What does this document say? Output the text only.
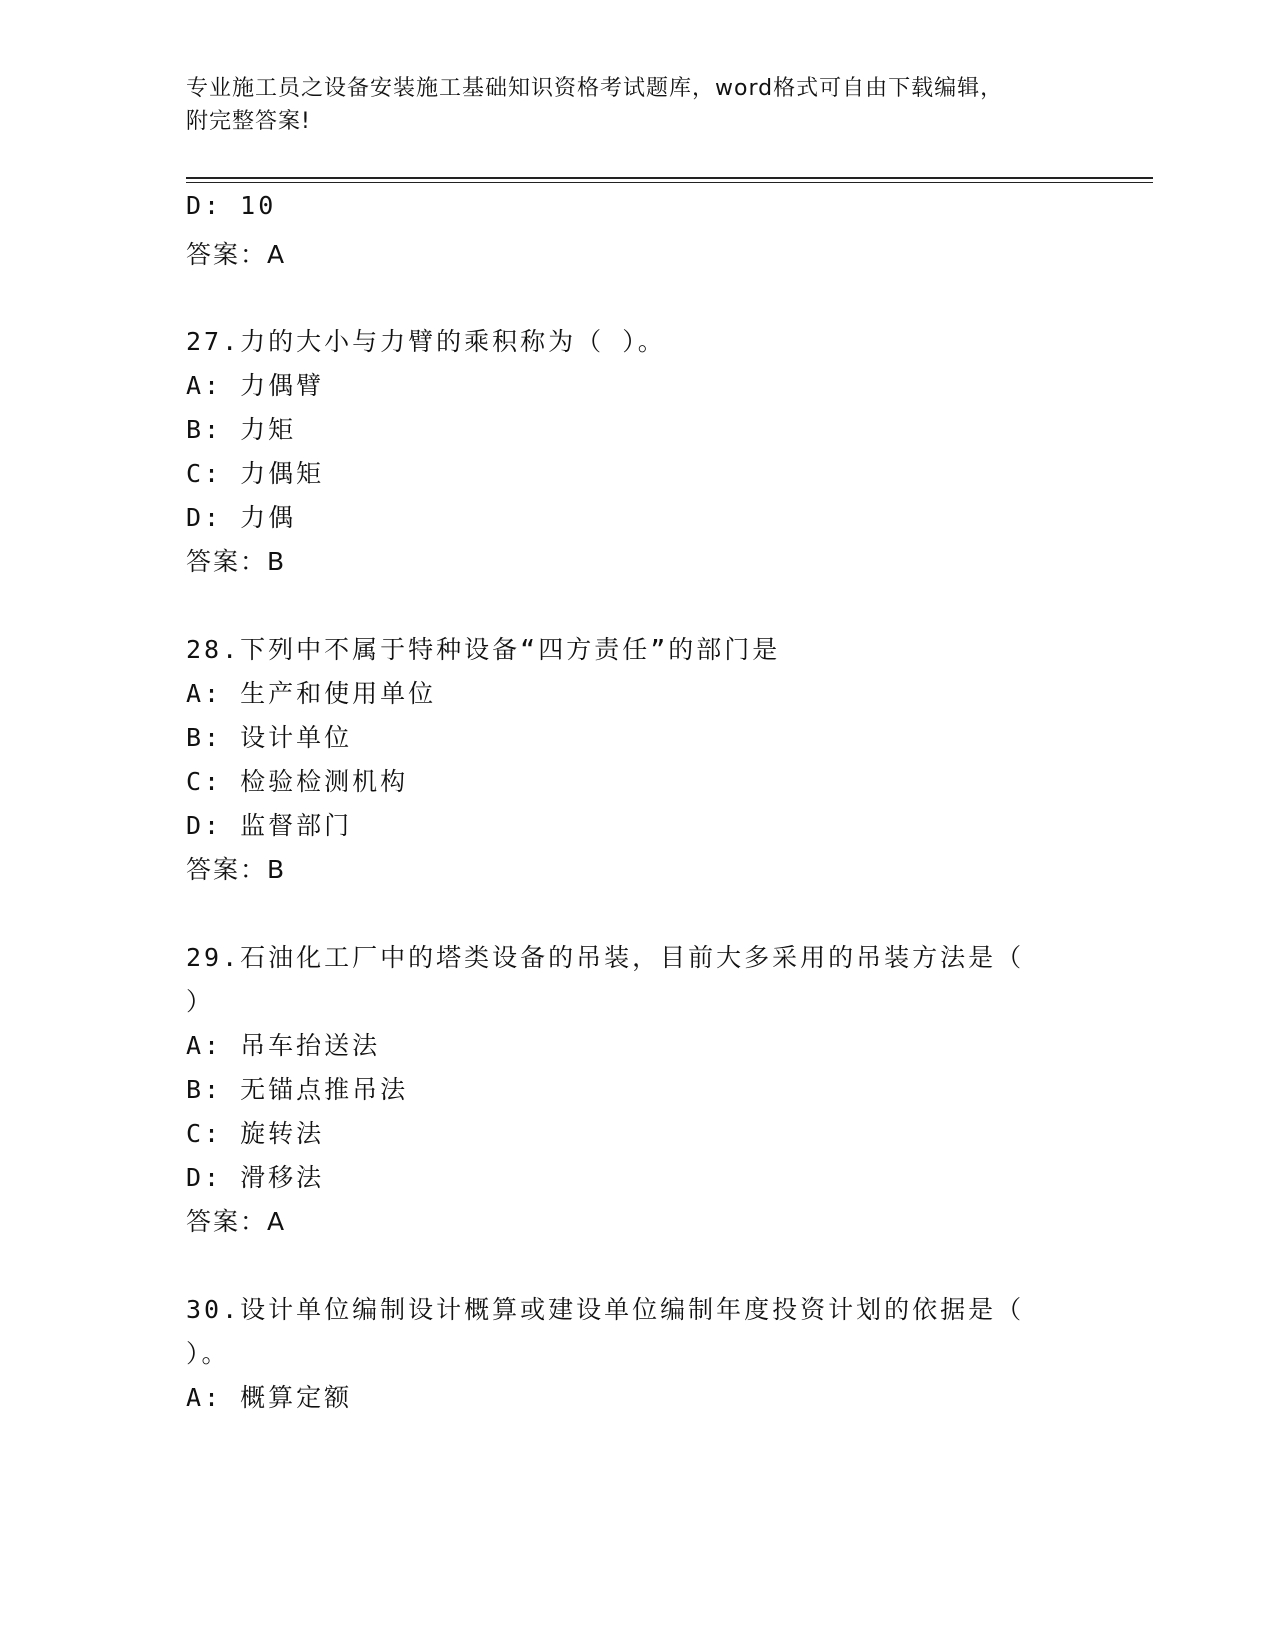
专业施工员之设备安装施工基础知识资格考试题库，word格式可自由下载编辑，
附完整答案!
D: 10
答案：A
27.力的大小与力臂的乘积称为（ ）。
A: 力偶臂
B: 力矩
C: 力偶矩
D: 力偶
答案：B
28.下列中不属于特种设备“四方责任”的部门是
A: 生产和使用单位
B: 设计单位
C: 检验检测机构
D: 监督部门
答案：B
29.石油化工厂中的塔类设备的吊装，目前大多采用的吊装方法是（
）
A: 吊车抬送法
B: 无锚点推吊法
C: 旋转法
D: 滑移法
答案：A
30.设计单位编制设计概算或建设单位编制年度投资计划的依据是（
）。
A: 概算定额
